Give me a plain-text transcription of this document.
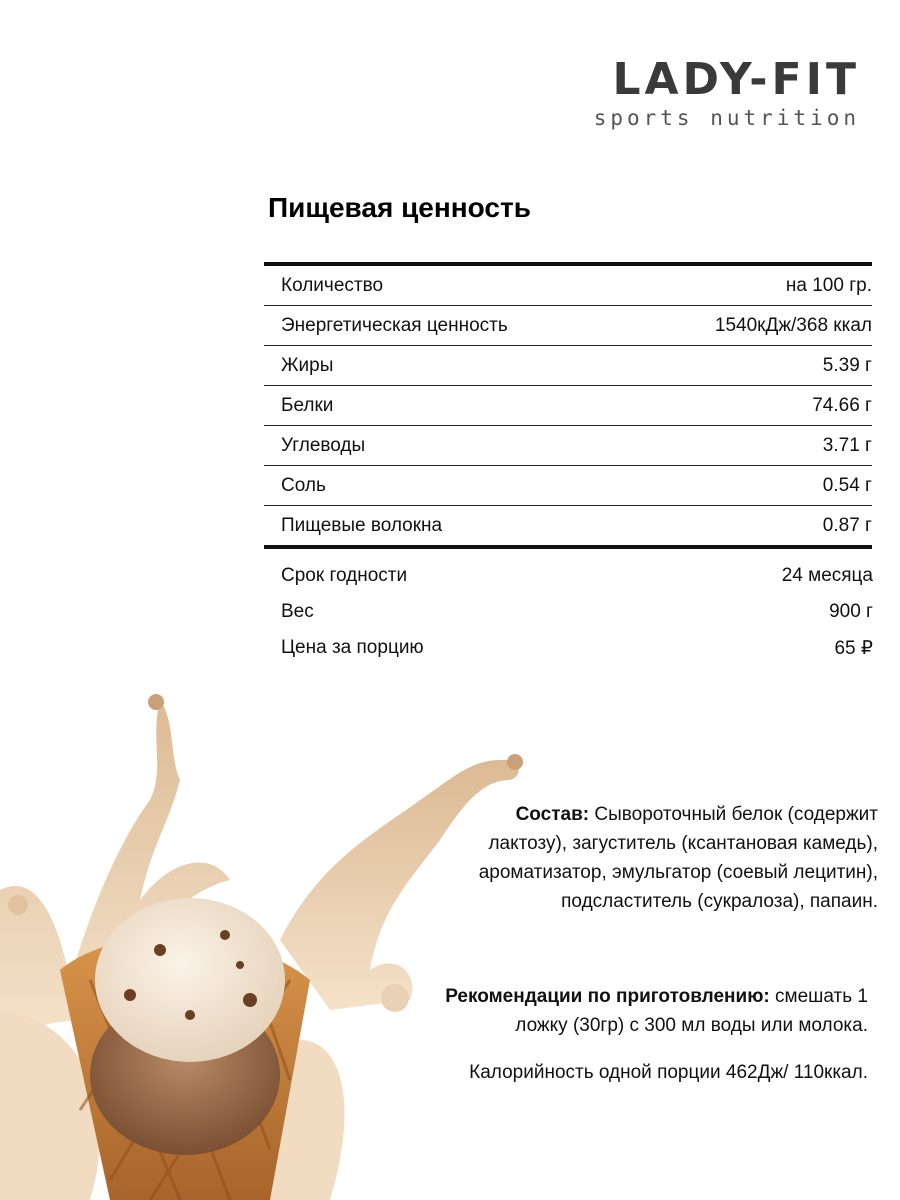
LADY-FIT
sports nutrition
Пищевая ценность
Количество	на 100 гр.
Энергетическая ценность	1540кДж/368 ккал
Жиры	5.39 г
Белки	74.66 г
Углеводы	3.71 г
Соль	0.54 г
Пищевые волокна	0.87 г
Срок годности	24 месяца
Вес	900 г
Цена за порцию	65 ₽
Состав: Сывороточный белок (содержит лактозу), загуститель (ксантановая камедь), ароматизатор, эмульгатор (соевый лецитин), подсластитель (сукралоза), папаин.
Рекомендации по приготовлению: смешать 1 ложку (30гр) с 300 мл воды или молока.
Калорийность одной порции 462Дж/ 110ккал.
